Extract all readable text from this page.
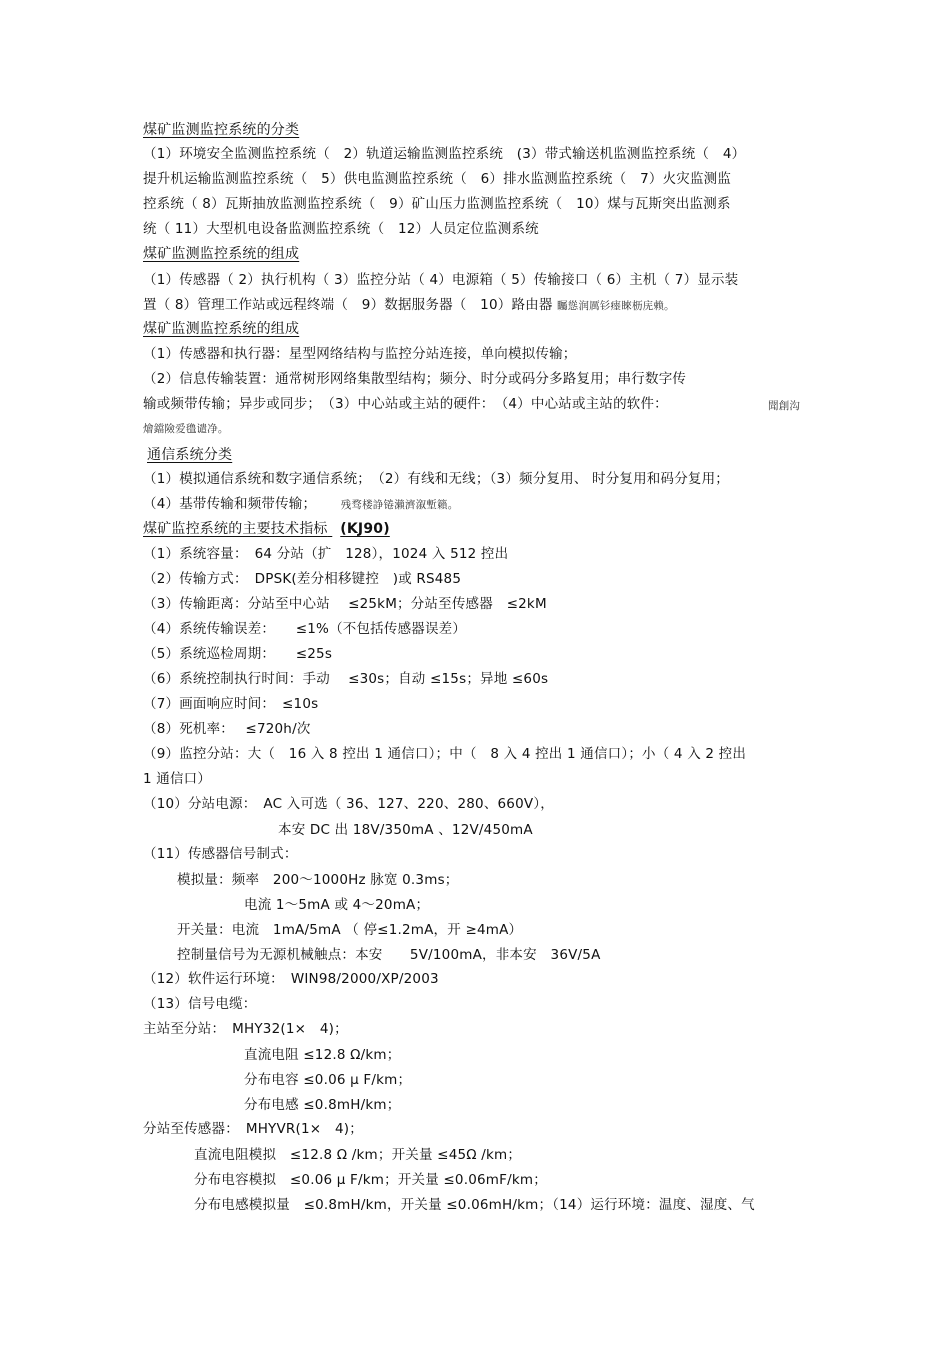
煤矿监测监控系统的分类
（1）环境安全监测监控系统（　2）轨道运输监测监控系统　(3）带式输送机监测监控系统（　4）
提升机运输监测监控系统（　5）供电监测监控系统（　6）排水监测监控系统（　7）火灾监测监
控系统（ 8）瓦斯抽放监测监控系统（　9）矿山压力监测监控系统（　10）煤与瓦斯突出监测系
统（ 11）大型机电设备监测监控系统（　12）人员定位监测系统
煤矿监测监控系统的组成
（1）传感器（ 2）执行机构（ 3）监控分站（ 4）电源箱（ 5）传输接口（ 6）主机（ 7）显示装
置（ 8）管理工作站或远程终端（　9）数据服务器（　10）路由器 矚慫润厲钐瘗睞枥庑赖。
煤矿监测监控系统的组成
（1）传感器和执行器：星型网络结构与监控分站连接，单向模拟传输；
（2）信息传输装置：通常树形网络集散型结构；频分、时分或码分多路复用；串行数字传
输或频带传输；异步或同步；　（3）中心站或主站的硬件：　（4）中心站或主站的软件：	聞創沟
燴鐺險爱氇谴净。
通信系统分类
（1）模拟通信系统和数字通信系统；　（2）有线和无线；（3）频分复用、 时分复用和码分复用；
（4）基带传输和频带传输； 残骛楼諍锩瀨濟溆塹籟。
煤矿监控系统的主要技术指标 (KJ90)
（1）系统容量：　64 分站（扩　128），1024 入 512 控出
（2）传输方式：　DPSK(差分相移键控　)或 RS485
（3）传输距离：分站至中心站　 ≤25kM；分站至传感器　≤2kM
（4）系统传输误差：　　≤1%（不包括传感器误差）
（5）系统巡检周期：　　≤25s
（6）系统控制执行时间：手动　 ≤30s；自动 ≤15s；异地 ≤60s
（7）画面响应时间：　≤10s
（8）死机率：　 ≤720h/次
（9）监控分站：大（　16 入 8 控出 1 通信口）；中（　8 入 4 控出 1 通信口）；小（ 4 入 2 控出
1 通信口）
（10）分站电源：　AC 入可选（ 36、127、220、280、660V），
本安 DC 出 18V/350mA 、12V/450mA
（11）传感器信号制式：
模拟量：频率　200～1000Hz 脉宽 0.3ms；
电流 1～5mA 或 4～20mA；
开关量：电流　1mA/5mA （ 停≤1.2mA，开 ≥4mA）
控制量信号为无源机械触点：本安　　5V/100mA，非本安　36V/5A
（12）软件运行环境：　WIN98/2000/XP/2003
（13）信号电缆：
主站至分站：　MHY32(1×　4)；
直流电阻 ≤12.8 Ω/km；
分布电容 ≤0.06 μ F/km；
分布电感 ≤0.8mH/km；
分站至传感器：　MHYVR(1×　4)；
直流电阻模拟　≤12.8 Ω /km；开关量 ≤45Ω /km；
分布电容模拟　≤0.06 μ F/km；开关量 ≤0.06mF/km；
分布电感模拟量　≤0.8mH/km，开关量 ≤0.06mH/km；（14）运行环境：温度、湿度、气
